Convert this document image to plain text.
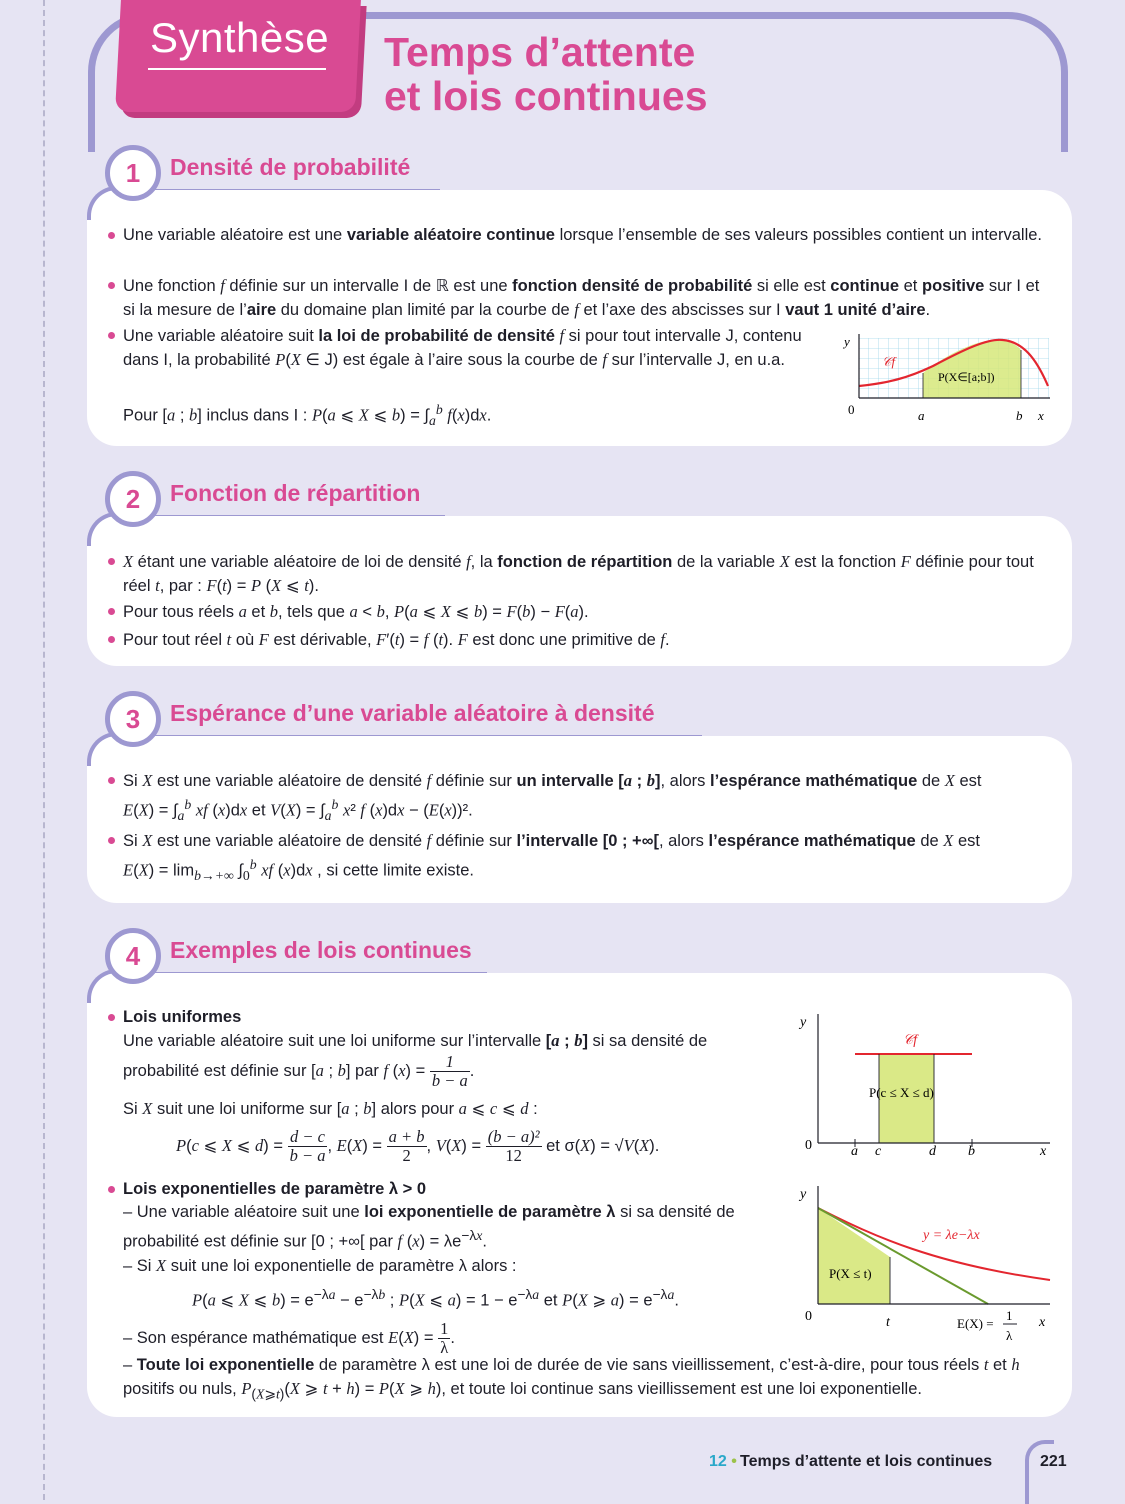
Synthèse Temps d’attente
et lois continues
1	Densité de probabilité
Une variable aléatoire est une variable aléatoire continue lorsque l’ensemble de ses valeurs possibles contient un intervalle.
Une fonction f définie sur un intervalle I de ℝ est une fonction densité de probabilité si elle est continue et positive sur I et si la mesure de l’aire du domaine plan limité par la courbe de f et l’axe des abscisses sur I vaut 1 unité d’aire.
Une variable aléatoire suit la loi de probabilité de densité f si pour tout intervalle J, contenu dans I, la probabilité P(X ∈ J) est égale à l’aire sous la courbe de f sur l’intervalle J, en u.a.
Pour [a ; b] inclus dans I : P(a ⩽ X ⩽ $b) = \int_a^b$ f(x)dx.
y
0	a	b x
𝒞f
P(X∈[a;b])
2	Fonction de répartition
X étant une variable aléatoire de loi de densité f, la fonction de répartition de la variable X est la fonction F définie pour tout réel t, par : F(t) = P (X ⩽ t).
Pour tous réels a et b, tels que a < b, P(a ⩽ X ⩽ b) = F(b) − F(a).
Pour tout réel t où F est dérivable, F′(t) = f (t). F est donc une primitive de f.
3	Espérance d’une variable aléatoire à densité
Si X est une variable aléatoire de densité f définie sur un intervalle [a ; b], alors l’espérance mathématique de X est
$E(X) = \int_a^b$ xf (x)dx et $V(X) = \int_a^b$ x² f (x)dx − (E(x))².
Si X est une variable aléatoire de densité f définie sur l’intervalle [0 ; +∞[, alors l’espérance mathématique de X est
$E(X) = \lim_{b\to+\infty} \int_0^b$ xf (x)dx , si cette limite existe.
4	Exemples de lois continues
Lois uniformes
Une variable aléatoire suit une loi uniforme sur l’intervalle [a ; b] si sa densité de probabilité est définie sur [a ; b] par f $(x) = \frac{1}{b - a}$ .
Si X suit une loi uniforme sur [a ; b] alors pour a ⩽ c ⩽ d :
P(c ⩽ X ⩽ $d) = \frac{d - c}{b - a}$ , $E(X) = \frac{a + b}{2}$ , $V(X) = \frac{\text{(b − a)²}}{12}$ et σ(X) = √V(X).
Lois exponentielles de paramètre λ > 0
– Une variable aléatoire suit une loi exponentielle de paramètre λ si sa densité de probabilité est définie sur [0 ; +∞[ par f $(x) = \lambda e^{-\lambda x}$.
– Si X suit une loi exponentielle de paramètre λ alors :
P(a ⩽ X ⩽ $b) = e^{-\lambda a} - e^{-\lambda b}$ ; P(X ⩽ $a) = 1 - e^{-\lambda a}$ et P(X ⩾ $a) = e^{-\lambda a}$.
– Son espérance mathématique est $E(X) = \frac{1}{\lambda}$ .
– Toute loi exponentielle de paramètre λ est une loi de durée de vie sans vieillissement, c’est-à-dire, pour tous réels t et h positifs ou nuls, $P_{(X⩾t)}(X$ ⩾ t + h) = P(X ⩾ h), et toute loi continue sans vieillissement est une loi exponentielle.
y
0	a c	d b	x
𝒞f
P(c ≤ X ≤ d)
y
0	t	x
y = λe−λx
P(X ≤ t)
E(X) =
1
λ
12 • Temps d’attente et lois continues	221
